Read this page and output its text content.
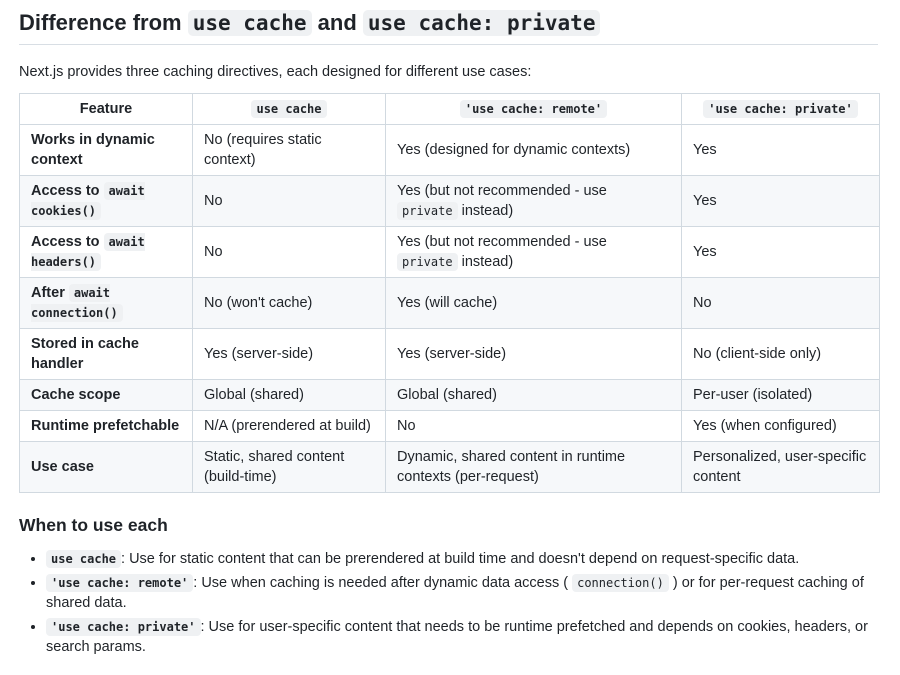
Difference from use cache and use cache: private

Next.js provides three caching directives, each designed for different use cases:

Feature	use cache	'use cache: remote'	'use cache: private'
Works in dynamic context	No (requires static context)	Yes (designed for dynamic contexts)	Yes
Access to await cookies()	No	Yes (but not recommended - use private instead)	Yes
Access to await headers()	No	Yes (but not recommended - use private instead)	Yes
After await connection()	No (won't cache)	Yes (will cache)	No
Stored in cache handler	Yes (server-side)	Yes (server-side)	No (client-side only)
Cache scope	Global (shared)	Global (shared)	Per-user (isolated)
Runtime prefetchable	N/A (prerendered at build)	No	Yes (when configured)
Use case	Static, shared content (build-time)	Dynamic, shared content in runtime contexts (per-request)	Personalized, user-specific content
When to use each
• use cache : Use for static content that can be prerendered at build time and doesn't depend on request-specific data.
• 'use cache: remote' : Use when caching is needed after dynamic data access ( connection() ) or for per-request caching of shared data.
• 'use cache: private' : Use for user-specific content that needs to be runtime prefetched and depends on cookies, headers, or search params.
